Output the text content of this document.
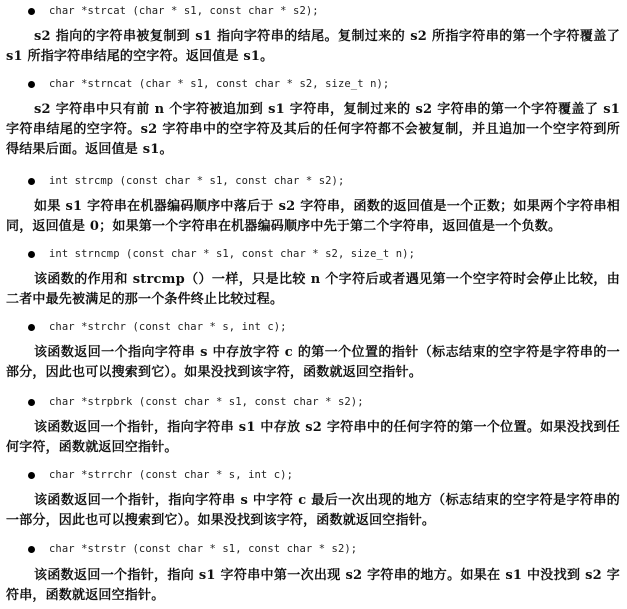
char *strcat (char * s1, const char * s2);
s2 指向的字符串被复制到 s1 指向字符串的结尾。复制过来的 s2 所指字符串的第一个字符覆盖了 s1 所指字符串结尾的空字符。返回值是 s1。
char *strncat (char * s1, const char * s2, size_t n);
s2 字符串中只有前 n 个字符被追加到 s1 字符串，复制过来的 s2 字符串的第一个字符覆盖了 s1 字符串结尾的空字符。s2 字符串中的空字符及其后的任何字符都不会被复制，并且追加一个空字符到所得结果后面。返回值是 s1。
int strcmp (const char * s1, const char * s2);
如果 s1 字符串在机器编码顺序中落后于 s2 字符串，函数的返回值是一个正数；如果两个字符串相同，返回值是 0；如果第一个字符串在机器编码顺序中先于第二个字符串，返回值是一个负数。
int strncmp (const char * s1, const char * s2, size_t n);
该函数的作用和 strcmp（）一样，只是比较 n 个字符后或者遇见第一个空字符时会停止比较，由二者中最先被满足的那一个条件终止比较过程。
char *strchr (const char * s, int c);
该函数返回一个指向字符串 s 中存放字符 c 的第一个位置的指针（标志结束的空字符是字符串的一部分，因此也可以搜索到它）。如果没找到该字符，函数就返回空指针。
char *strpbrk (const char * s1, const char * s2);
该函数返回一个指针，指向字符串 s1 中存放 s2 字符串中的任何字符的第一个位置。如果没找到任何字符，函数就返回空指针。
char *strrchr (const char * s, int c);
该函数返回一个指针，指向字符串 s 中字符 c 最后一次出现的地方（标志结束的空字符是字符串的一部分，因此也可以搜索到它）。如果没找到该字符，函数就返回空指针。
char *strstr (const char * s1, const char * s2);
该函数返回一个指针，指向 s1 字符串中第一次出现 s2 字符串的地方。如果在 s1 中没找到 s2 字符串，函数就返回空指针。
